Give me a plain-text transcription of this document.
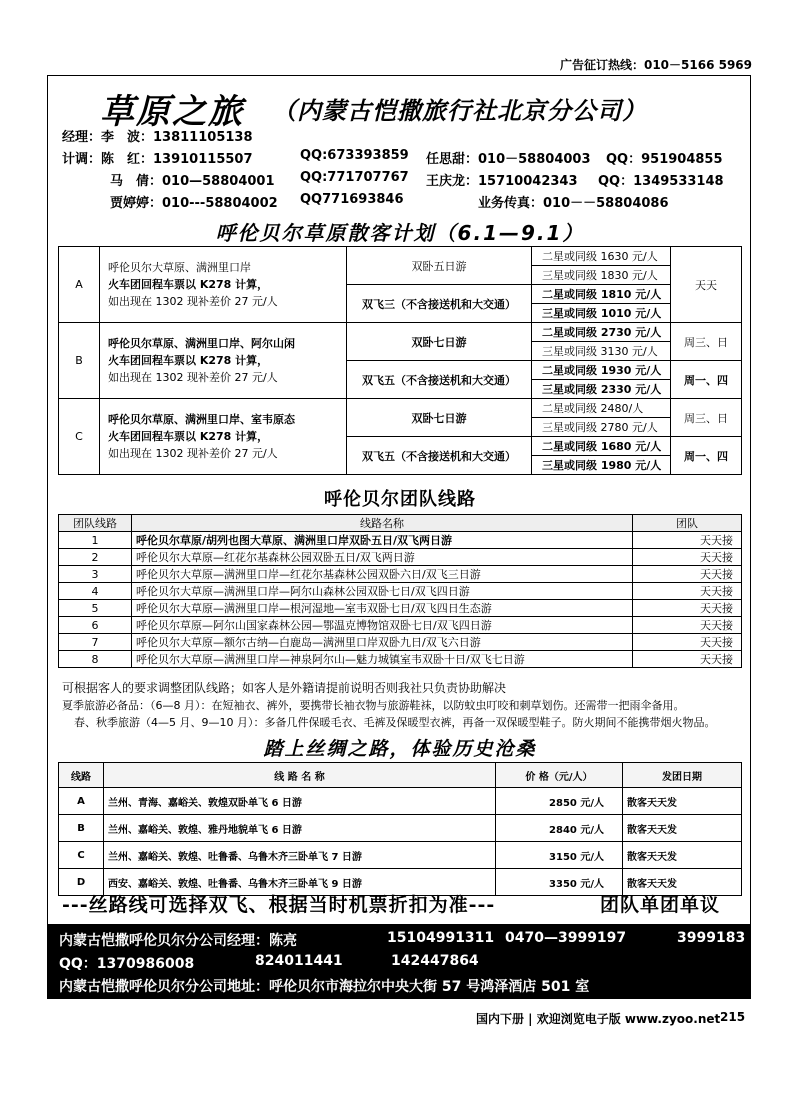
广告征订热线：010－5166 5969
草原之旅 （内蒙古恺撒旅行社北京分公司）
经理：李　波：13811105138
计调：陈　红：13910115507	QQ:673393859 任思甜：010－58804003 QQ：951904855
马　倩：010—58804001 QQ:771707767 王庆龙：15710042343 QQ：1349533148
贾婷婷：010---58804002 QQ771693846	业务传真：010－－58804086
呼伦贝尔草原散客计划（6.1—9.1）
A	呼伦贝尔大草原、满洲里口岸
火车团回程车票以 K278 计算，
如出现在 1302 现补差价 27 元/人	双卧五日游	二星或同级 1630 元/人	天天
			三星或同级 1830 元/人	
		双飞三（不含接送机和大交通）	二星或同级 1810 元/人	
			三星或同级 1010 元/人	
B	呼伦贝尔草原、满洲里口岸、阿尔山闲
火车团回程车票以 K278 计算，
如出现在 1302 现补差价 27 元/人	双卧七日游	二星或同级 2730 元/人	周三、日
			三星或同级 3130 元/人	
		双飞五（不含接送机和大交通）	二星或同级 1930 元/人	周一、四
			三星或同级 2330 元/人	
C	呼伦贝尔草原、满洲里口岸、室韦原态
火车团回程车票以 K278 计算，
如出现在 1302 现补差价 27 元/人	双卧七日游	二星或同级 2480/人	周三、日
			三星或同级 2780 元/人	
		双飞五（不含接送机和大交通）	二星或同级 1680 元/人	周一、四
			三星或同级 1980 元/人	
呼伦贝尔团队线路
团队线路	线路名称	团队
1	呼伦贝尔草原/胡列也图大草原、满洲里口岸双卧五日/双飞两日游	天天接
2	呼伦贝尔大草原—红花尔基森林公园双卧五日/双飞两日游	天天接
3	呼伦贝尔大草原—满洲里口岸—红花尔基森林公园双卧六日/双飞三日游	天天接
4	呼伦贝尔大草原—满洲里口岸—阿尔山森林公园双卧七日/双飞四日游	天天接
5	呼伦贝尔大草原—满洲里口岸—根河湿地—室韦双卧七日/双飞四日生态游	天天接
6	呼伦贝尔草原—阿尔山国家森林公园—鄂温克博物馆双卧七日/双飞四日游	天天接
7	呼伦贝尔大草原—额尔古纳—白鹿岛—满洲里口岸双卧九日/双飞六日游	天天接
8	呼伦贝尔大草原—满洲里口岸—神泉阿尔山—魅力城镇室韦双卧十日/双飞七日游	天天接
可根据客人的要求调整团队线路；如客人是外籍请提前说明否则我社只负责协助解决
夏季旅游必备品：（6—8 月）：在短袖衣、裤外，要携带长袖衣物与旅游鞋袜，以防蚊虫叮咬和刺草划伤。还需带一把雨伞备用。
春、秋季旅游（4—5 月、9—10 月）：多备几件保暖毛衣、毛裤及保暖型衣裤，再备一双保暖型鞋子。防火期间不能携带烟火物品。
踏上丝绸之路，体验历史沧桑
线路	线 路 名 称	价 格（元/人）	发团日期
A	兰州、青海、嘉峪关、敦煌双卧单飞 6 日游	2850 元/人	散客天天发
B	兰州、嘉峪关、敦煌、雅丹地貌单飞 6 日游	2840 元/人	散客天天发
C	兰州、嘉峪关、敦煌、吐鲁番、乌鲁木齐三卧单飞 7 日游	3150 元/人	散客天天发
D	西安、嘉峪关、敦煌、吐鲁番、乌鲁木齐三卧单飞 9 日游	3350 元/人	散客天天发
---丝路线可选择双飞、根据当时机票折扣为准---	团队单团单议
内蒙古恺撒呼伦贝尔分公司经理：陈亮	15104991311 0470—3999197	3999183
QQ：1370986008	824011441	142447864
内蒙古恺撒呼伦贝尔分公司地址：呼伦贝尔市海拉尔中央大街 57 号鸿泽酒店 501 室
国内下册 | 欢迎浏览电子版 www.zyoo.net 215
